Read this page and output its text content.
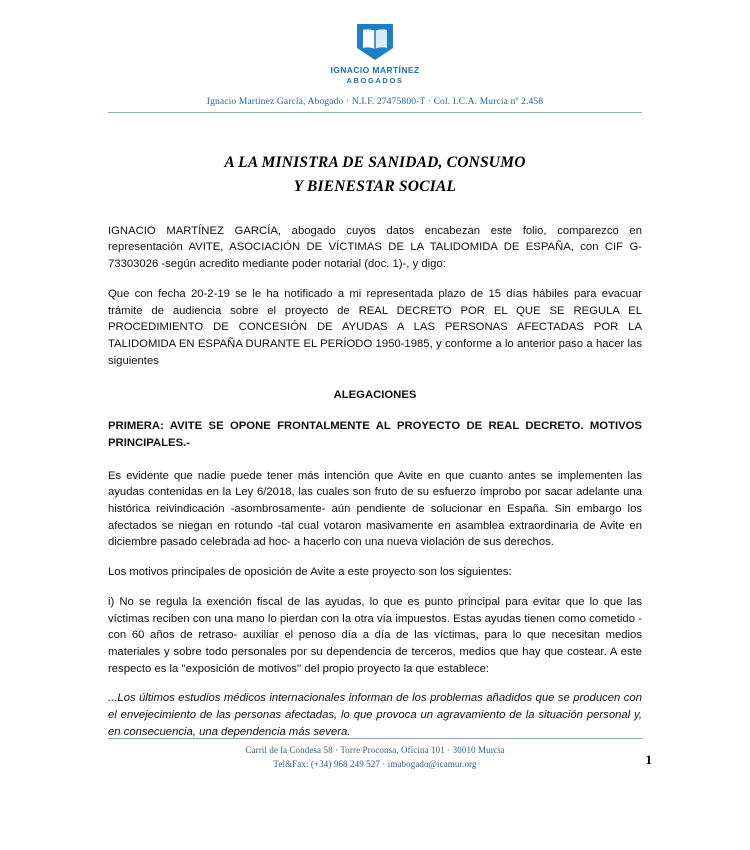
IGNACIO MARTÍNEZ
ABOGADOS
Ignacio Martínez García, Abogado · N.I.F. 27475800-T · Col. I.C.A. Murcia nº 2.458
A LA MINISTRA DE SANIDAD, CONSUMO
Y BIENESTAR SOCIAL

IGNACIO MARTÍNEZ GARCÍA, abogado cuyos datos encabezan este folio, comparezco en representación AVITE, ASOCIACIÓN DE VÍCTIMAS DE LA TALIDOMIDA DE ESPAÑA, con CIF G-73303026 -según acredito mediante poder notarial (doc. 1)-, y digo:

Que con fecha 20-2-19 se le ha notificado a mi representada plazo de 15 días hábiles para evacuar trámite de audiencia sobre el proyecto de REAL DECRETO POR EL QUE SE REGULA EL PROCEDIMIENTO DE CONCESIÓN DE AYUDAS A LAS PERSONAS AFECTADAS POR LA TALIDOMIDA EN ESPAÑA DURANTE EL PERÍODO 1950-1985, y conforme a lo anterior paso a hacer las siguientes

ALEGACIONES

PRIMERA: AVITE SE OPONE FRONTALMENTE AL PROYECTO DE REAL DECRETO. MOTIVOS PRINCIPALES.-

Es evidente que nadie puede tener más intención que Avite en que cuanto antes se implementen las ayudas contenidas en la Ley 6/2018, las cuales son fruto de su esfuerzo ímprobo por sacar adelante una histórica reivindicación -asombrosamente- aún pendiente de solucionar en España. Sin embargo los afectados se niegan en rotundo -tal cual votaron masivamente en asamblea extraordinaria de Avite en diciembre pasado celebrada ad hoc- a hacerlo con una nueva violación de sus derechos.

Los motivos principales de oposición de Avite a este proyecto son los siguientes:

i) No se regula la exención fiscal de las ayudas, lo que es punto principal para evitar que lo que las víctimas reciben con una mano lo pierdan con la otra vía impuestos. Estas ayudas tienen como cometido -con 60 años de retraso- auxiliar el penoso día a día de las víctimas, para lo que necesitan medios materiales y sobre todo personales por su dependencia de terceros, medios que hay que costear. A este respecto es la ''exposición de motivos'' del propio proyecto la que establece:

...Los últimos estudios médicos internacionales informan de los problemas añadidos que se producen con el envejecimiento de las personas afectadas, lo que provoca un agravamiento de la situación personal y, en consecuencia, una dependencia más severa.

Carril de la Condesa 58 · Torre Proconsa, Oficina 101 · 30010 Murcia
Tel&Fax: (+34) 968 249 527 · imabogado@icamur.org	1
